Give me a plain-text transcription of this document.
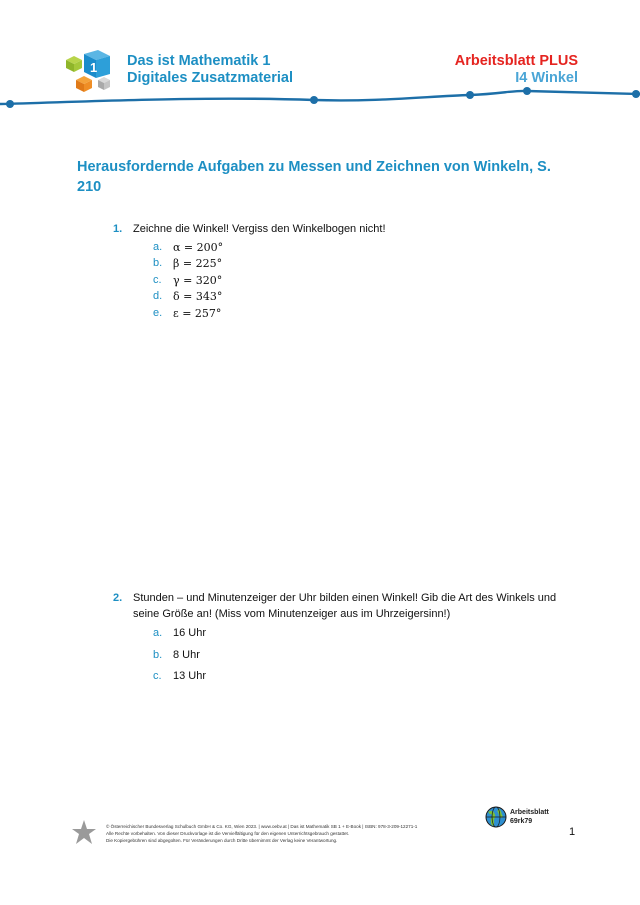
1 Das ist Mathematik 1
Digitales Zusatzmaterial
Arbeitsblatt PLUS
I4 Winkel
Herausfordernde Aufgaben zu Messen und Zeichnen von Winkeln, S. 210
1. Zeichne die Winkel! Vergiss den Winkelbogen nicht!
a. α = 200°
b. β = 225°
c. γ = 320°
d. δ = 343°
e. ε = 257°
2. Stunden – und Minutenzeiger der Uhr bilden einen Winkel! Gib die Art des Winkels und seine Größe an! (Miss vom Minutenzeiger aus im Uhrzeigersinn!)
a. 16 Uhr
b. 8 Uhr
c. 13 Uhr
© Österreichischer Bundesverlag Schulbuch GmbH & Co. KG, Wien 2023. | www.oebv.at | Das ist Mathematik SB 1 + E-Book | ISBN: 978-3-209-12271-1
Alle Rechte vorbehalten. Von dieser Druckvorlage ist die Vervielfältigung für den eigenen Unterrichtsgebrauch gestattet.
Die Kopiergebühren sind abgegolten. Für Veränderungen durch Dritte übernimmt der Verlag keine Verantwortung.
Arbeitsblatt
69rk79
1
